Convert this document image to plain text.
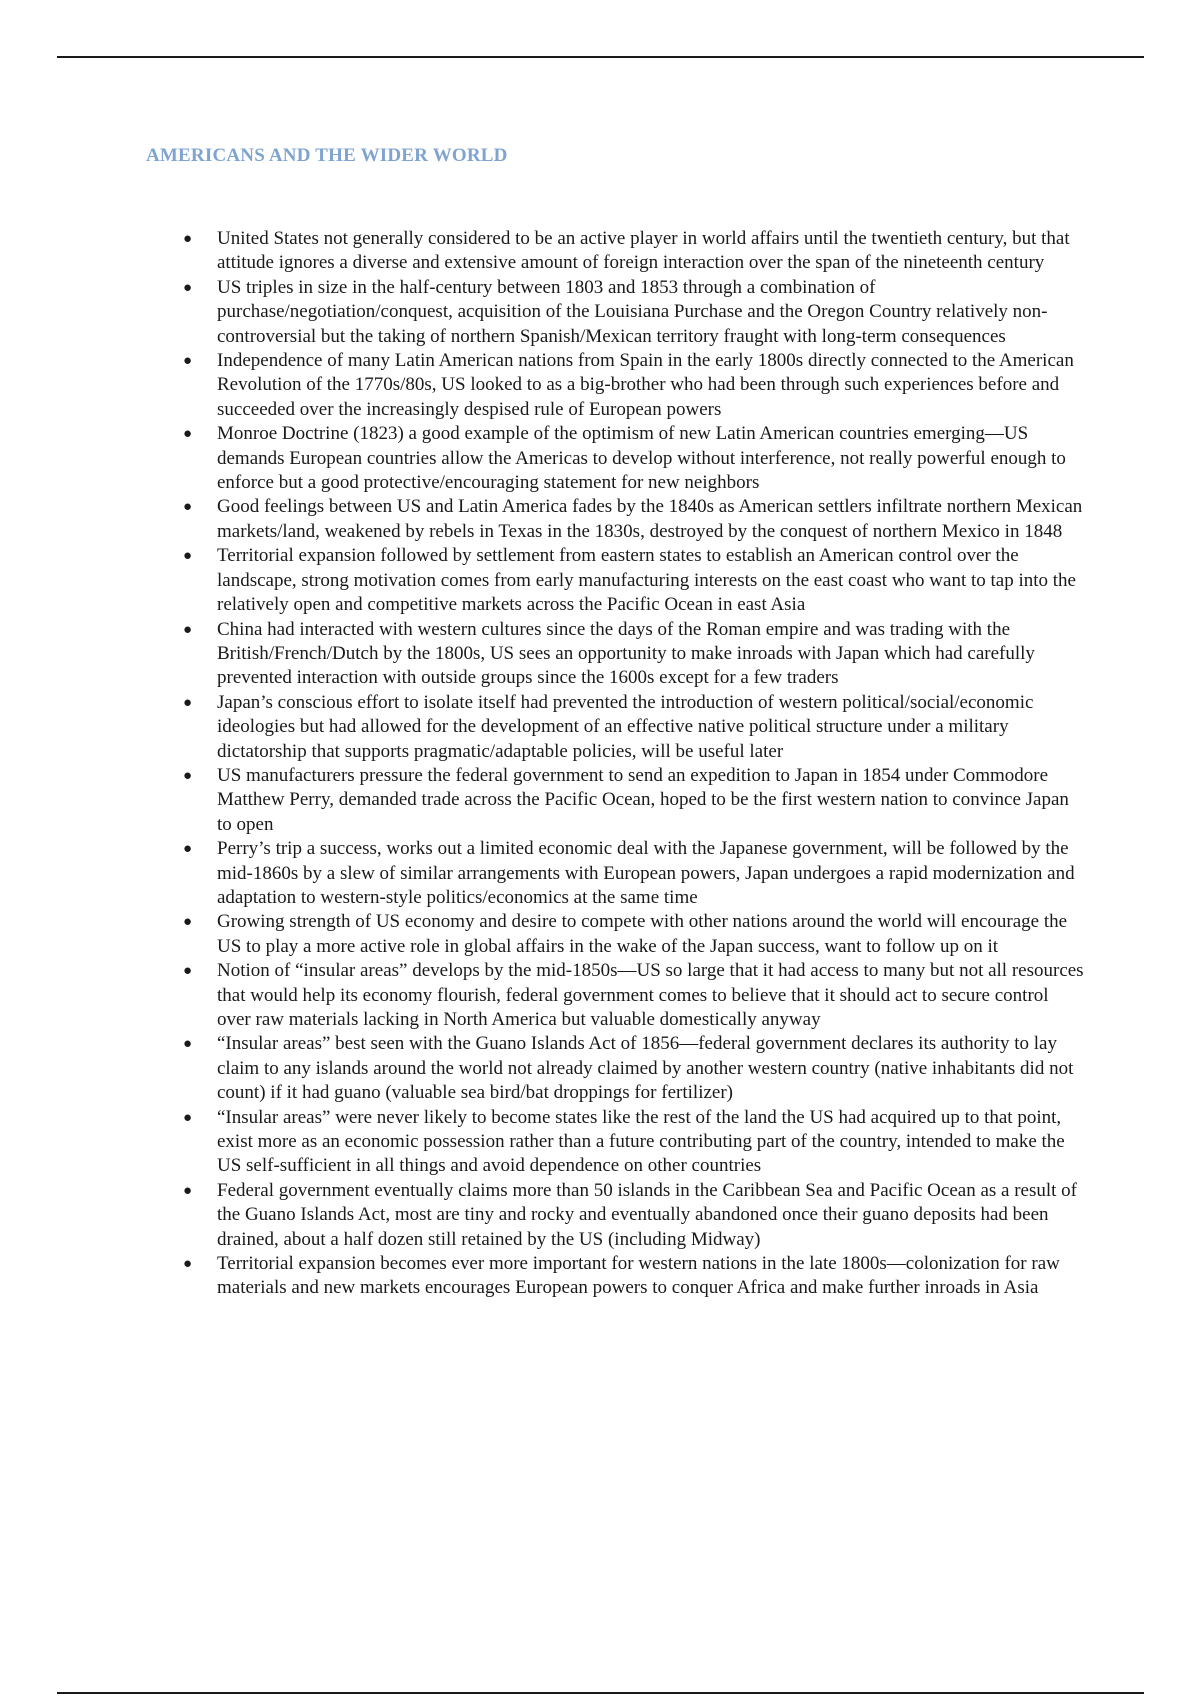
AMERICANS AND THE WIDER WORLD
● United States not generally considered to be an active player in world affairs until the twentieth century, but that attitude ignores a diverse and extensive amount of foreign interaction over the span of the nineteenth century
● US triples in size in the half-century between 1803 and 1853 through a combination of purchase/negotiation/conquest, acquisition of the Louisiana Purchase and the Oregon Country relatively non-controversial but the taking of northern Spanish/Mexican territory fraught with long-term consequences
● Independence of many Latin American nations from Spain in the early 1800s directly connected to the American Revolution of the 1770s/80s, US looked to as a big-brother who had been through such experiences before and succeeded over the increasingly despised rule of European powers
● Monroe Doctrine (1823) a good example of the optimism of new Latin American countries emerging—US demands European countries allow the Americas to develop without interference, not really powerful enough to enforce but a good protective/encouraging statement for new neighbors
● Good feelings between US and Latin America fades by the 1840s as American settlers infiltrate northern Mexican markets/land, weakened by rebels in Texas in the 1830s, destroyed by the conquest of northern Mexico in 1848
● Territorial expansion followed by settlement from eastern states to establish an American control over the landscape, strong motivation comes from early manufacturing interests on the east coast who want to tap into the relatively open and competitive markets across the Pacific Ocean in east Asia
● China had interacted with western cultures since the days of the Roman empire and was trading with the British/French/Dutch by the 1800s, US sees an opportunity to make inroads with Japan which had carefully prevented interaction with outside groups since the 1600s except for a few traders
● Japan’s conscious effort to isolate itself had prevented the introduction of western political/social/economic ideologies but had allowed for the development of an effective native political structure under a military dictatorship that supports pragmatic/adaptable policies, will be useful later
● US manufacturers pressure the federal government to send an expedition to Japan in 1854 under Commodore Matthew Perry, demanded trade across the Pacific Ocean, hoped to be the first western nation to convince Japan to open
● Perry’s trip a success, works out a limited economic deal with the Japanese government, will be followed by the mid-1860s by a slew of similar arrangements with European powers, Japan undergoes a rapid modernization and adaptation to western-style politics/economics at the same time
● Growing strength of US economy and desire to compete with other nations around the world will encourage the US to play a more active role in global affairs in the wake of the Japan success, want to follow up on it
● Notion of “insular areas” develops by the mid-1850s—US so large that it had access to many but not all resources that would help its economy flourish, federal government comes to believe that it should act to secure control over raw materials lacking in North America but valuable domestically anyway
● “Insular areas” best seen with the Guano Islands Act of 1856—federal government declares its authority to lay claim to any islands around the world not already claimed by another western country (native inhabitants did not count) if it had guano (valuable sea bird/bat droppings for fertilizer)
● “Insular areas” were never likely to become states like the rest of the land the US had acquired up to that point, exist more as an economic possession rather than a future contributing part of the country, intended to make the US self-sufficient in all things and avoid dependence on other countries
● Federal government eventually claims more than 50 islands in the Caribbean Sea and Pacific Ocean as a result of the Guano Islands Act, most are tiny and rocky and eventually abandoned once their guano deposits had been drained, about a half dozen still retained by the US (including Midway)
● Territorial expansion becomes ever more important for western nations in the late 1800s—colonization for raw materials and new markets encourages European powers to conquer Africa and make further inroads in Asia
